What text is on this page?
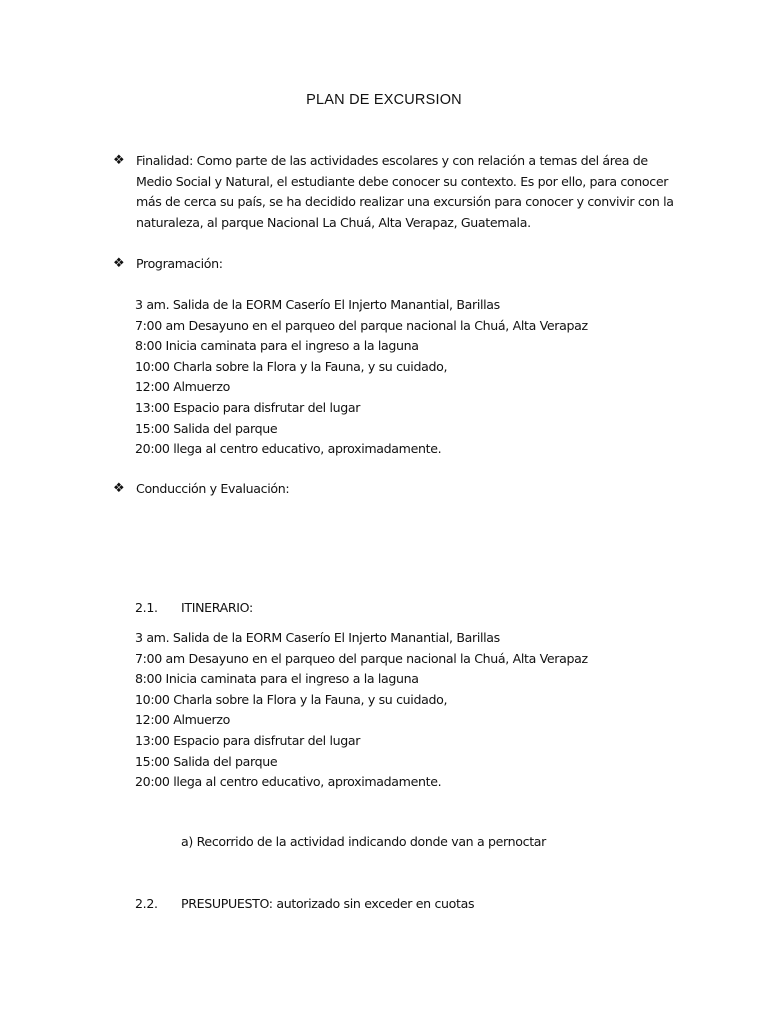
PLAN DE EXCURSION
❖ Finalidad: Como parte de las actividades escolares y con relación a temas del área de Medio Social y Natural, el estudiante debe conocer su contexto. Es por ello, para conocer más de cerca su país, se ha decidido realizar una excursión para conocer y convivir con la naturaleza, al parque Nacional La Chuá, Alta Verapaz, Guatemala.

❖ Programación:
3 am. Salida de la EORM Caserío El Injerto Manantial, Barillas
7:00 am Desayuno en el parqueo del parque nacional la Chuá, Alta Verapaz
8:00 Inicia caminata para el ingreso a la laguna
10:00 Charla sobre la Flora y la Fauna, y su cuidado,
12:00 Almuerzo
13:00 Espacio para disfrutar del lugar
15:00 Salida del parque
20:00 llega al centro educativo, aproximadamente.
❖ Conducción y Evaluación:
2.1. ITINERARIO:
3 am. Salida de la EORM Caserío El Injerto Manantial, Barillas
7:00 am Desayuno en el parqueo del parque nacional la Chuá, Alta Verapaz
8:00 Inicia caminata para el ingreso a la laguna
10:00 Charla sobre la Flora y la Fauna, y su cuidado,
12:00 Almuerzo
13:00 Espacio para disfrutar del lugar
15:00 Salida del parque
20:00 llega al centro educativo, aproximadamente.
a) Recorrido de la actividad indicando donde van a pernoctar
2.2. PRESUPUESTO: autorizado sin exceder en cuotas
